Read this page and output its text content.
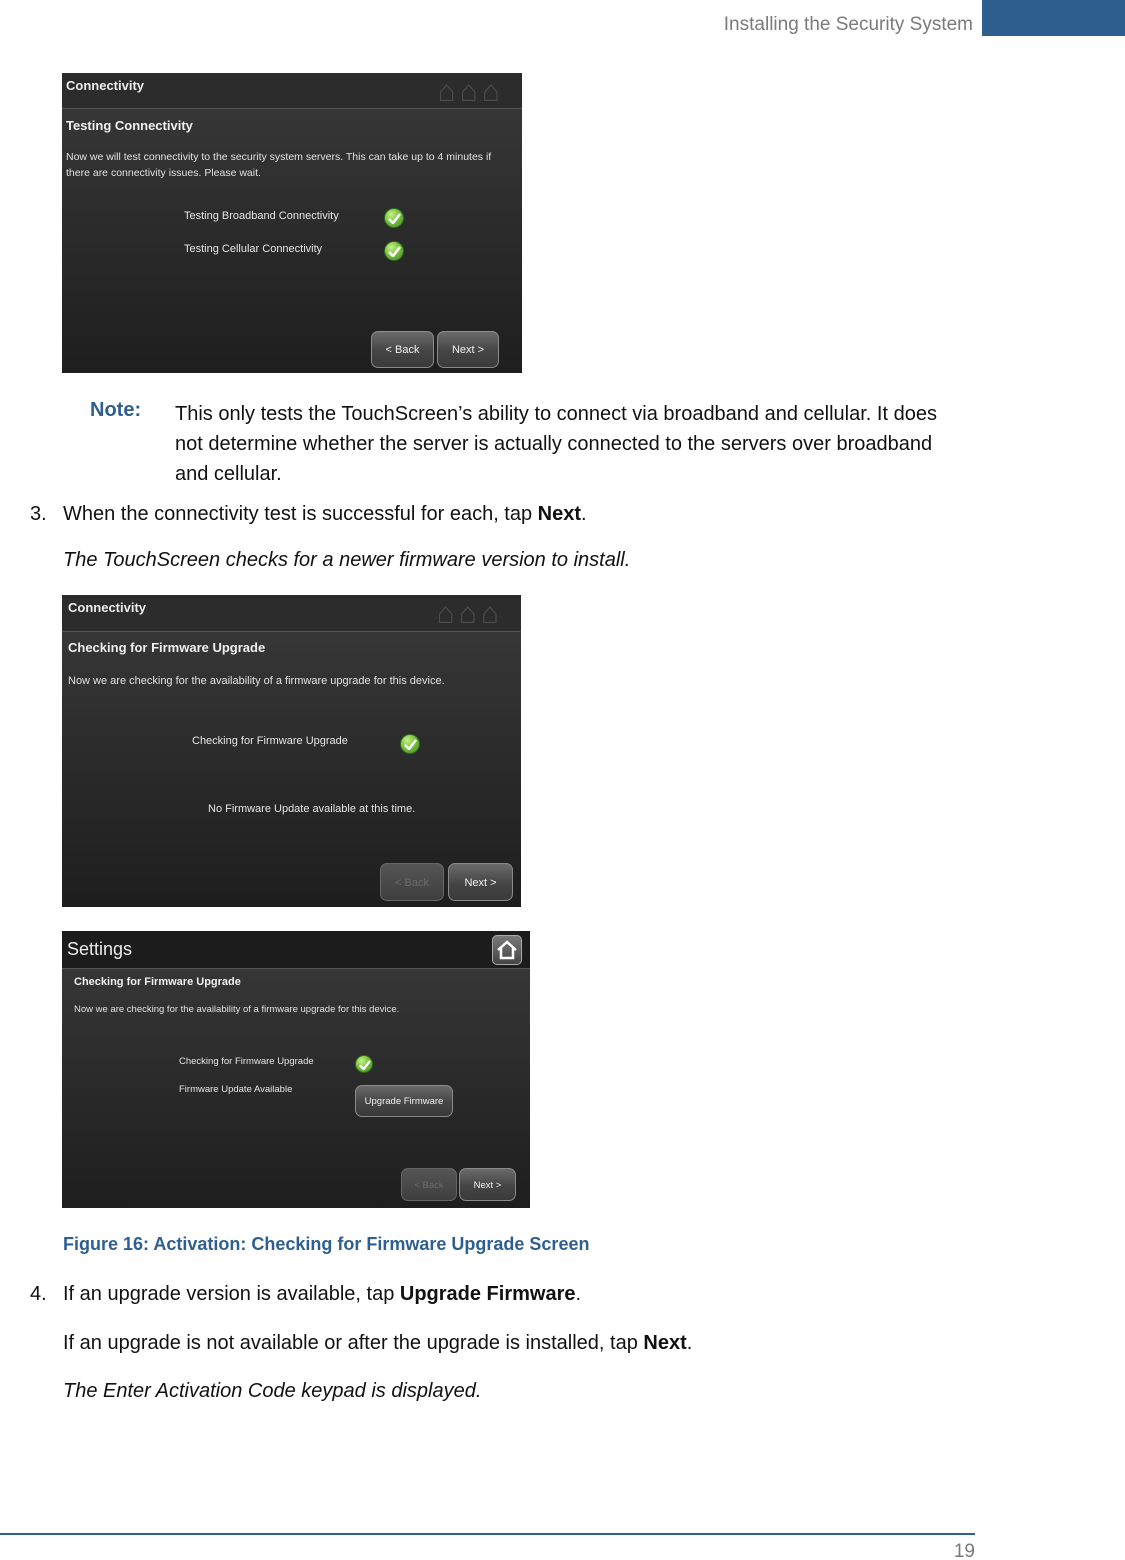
Installing the Security System
Connectivity	⌂⌂⌂
Testing Connectivity
Now we will test connectivity to the security system servers. This can take up to 4 minutes if there are connectivity issues. Please wait.
Testing Broadband Connectivity
Testing Cellular Connectivity
< Back	Next >
Note: This only tests the TouchScreen’s ability to connect via broadband and cellular. It does not determine whether the server is actually connected to the servers over broadband and cellular.
3. When the connectivity test is successful for each, tap Next.
The TouchScreen checks for a newer firmware version to install.
Connectivity	⌂⌂⌂
Checking for Firmware Upgrade
Now we are checking for the availability of a firmware upgrade for this device.
Checking for Firmware Upgrade
No Firmware Update available at this time.
< Back	Next >
Settings
Checking for Firmware Upgrade
Now we are checking for the availability of a firmware upgrade for this device.
Checking for Firmware Upgrade
Firmware Update Available
Upgrade Firmware
< Back	Next >
Figure 16: Activation: Checking for Firmware Upgrade Screen
4. If an upgrade version is available, tap Upgrade Firmware.
If an upgrade is not available or after the upgrade is installed, tap Next.
The Enter Activation Code keypad is displayed.
19
